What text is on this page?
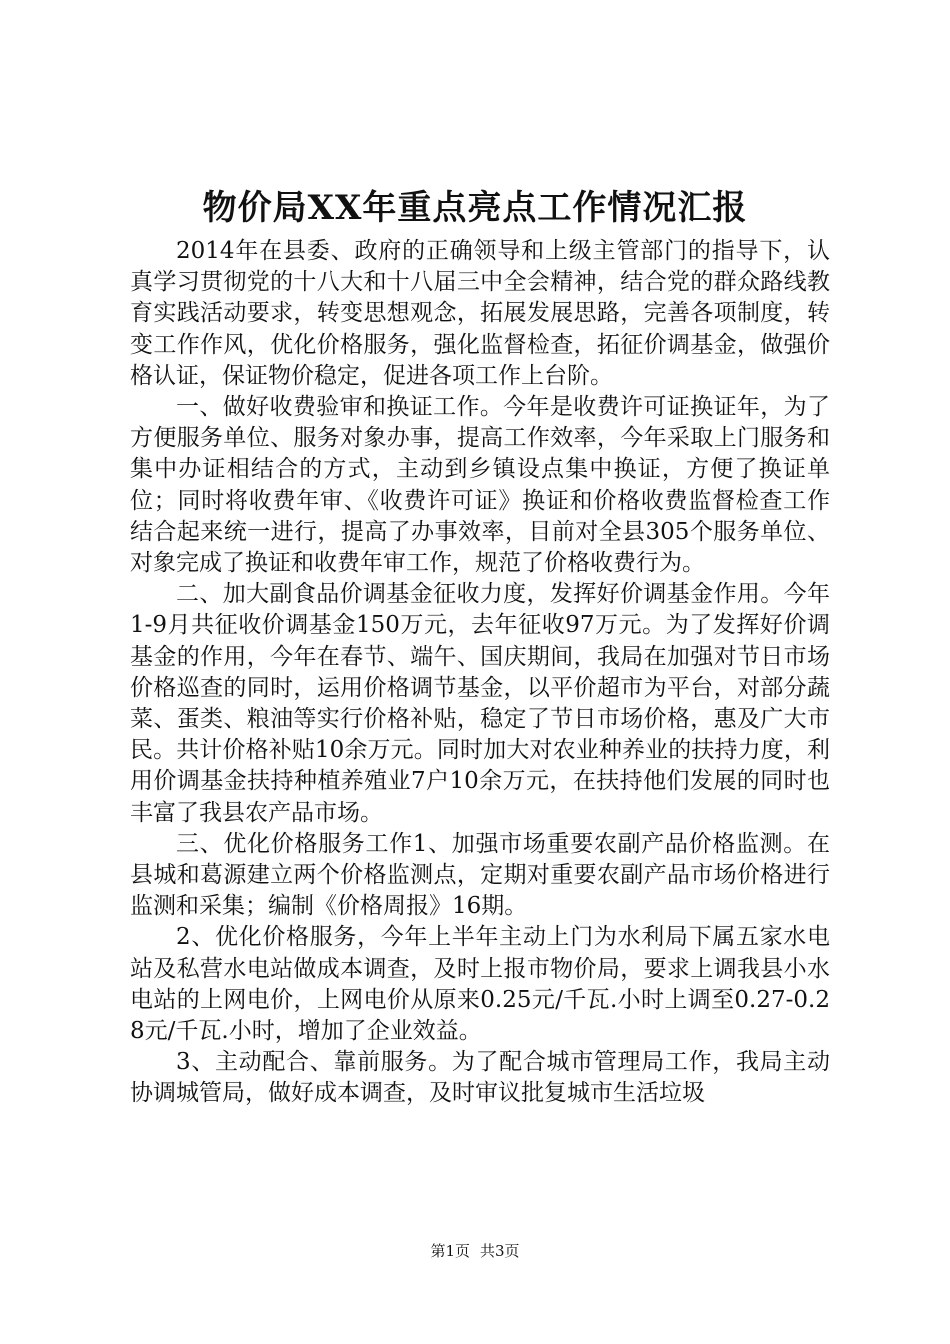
物价局XX年重点亮点工作情况汇报

2014年在县委、政府的正确领导和上级主管部门的指导下，认真学习贯彻党的十八大和十八届三中全会精神，结合党的群众路线教育实践活动要求，转变思想观念，拓展发展思路，完善各项制度，转变工作作风，优化价格服务，强化监督检查，拓征价调基金，做强价格认证，保证物价稳定，促进各项工作上台阶。

一、做好收费验审和换证工作。今年是收费许可证换证年，为了方便服务单位、服务对象办事，提高工作效率，今年采取上门服务和集中办证相结合的方式，主动到乡镇设点集中换证，方便了换证单位；同时将收费年审、《收费许可证》换证和价格收费监督检查工作结合起来统一进行，提高了办事效率，目前对全县305个服务单位、对象完成了换证和收费年审工作，规范了价格收费行为。

二、加大副食品价调基金征收力度，发挥好价调基金作用。今年1-9月共征收价调基金150万元，去年征收97万元。为了发挥好价调基金的作用，今年在春节、端午、国庆期间，我局在加强对节日市场价格巡查的同时，运用价格调节基金，以平价超市为平台，对部分蔬菜、蛋类、粮油等实行价格补贴，稳定了节日市场价格，惠及广大市民。共计价格补贴10余万元。同时加大对农业种养业的扶持力度，利用价调基金扶持种植养殖业7户10余万元，在扶持他们发展的同时也丰富了我县农产品市场。

三、优化价格服务工作1、加强市场重要农副产品价格监测。在县城和葛源建立两个价格监测点，定期对重要农副产品市场价格进行监测和采集；编制《价格周报》16期。

2、优化价格服务，今年上半年主动上门为水利局下属五家水电站及私营水电站做成本调查，及时上报市物价局，要求上调我县小水电站的上网电价，上网电价从原来0.25元/千瓦.小时上调至0.27-0.28元/千瓦.小时，增加了企业效益。

3、主动配合、靠前服务。为了配合城市管理局工作，我局主动协调城管局，做好成本调查，及时审议批复城市生活垃圾

第1页 共3页
